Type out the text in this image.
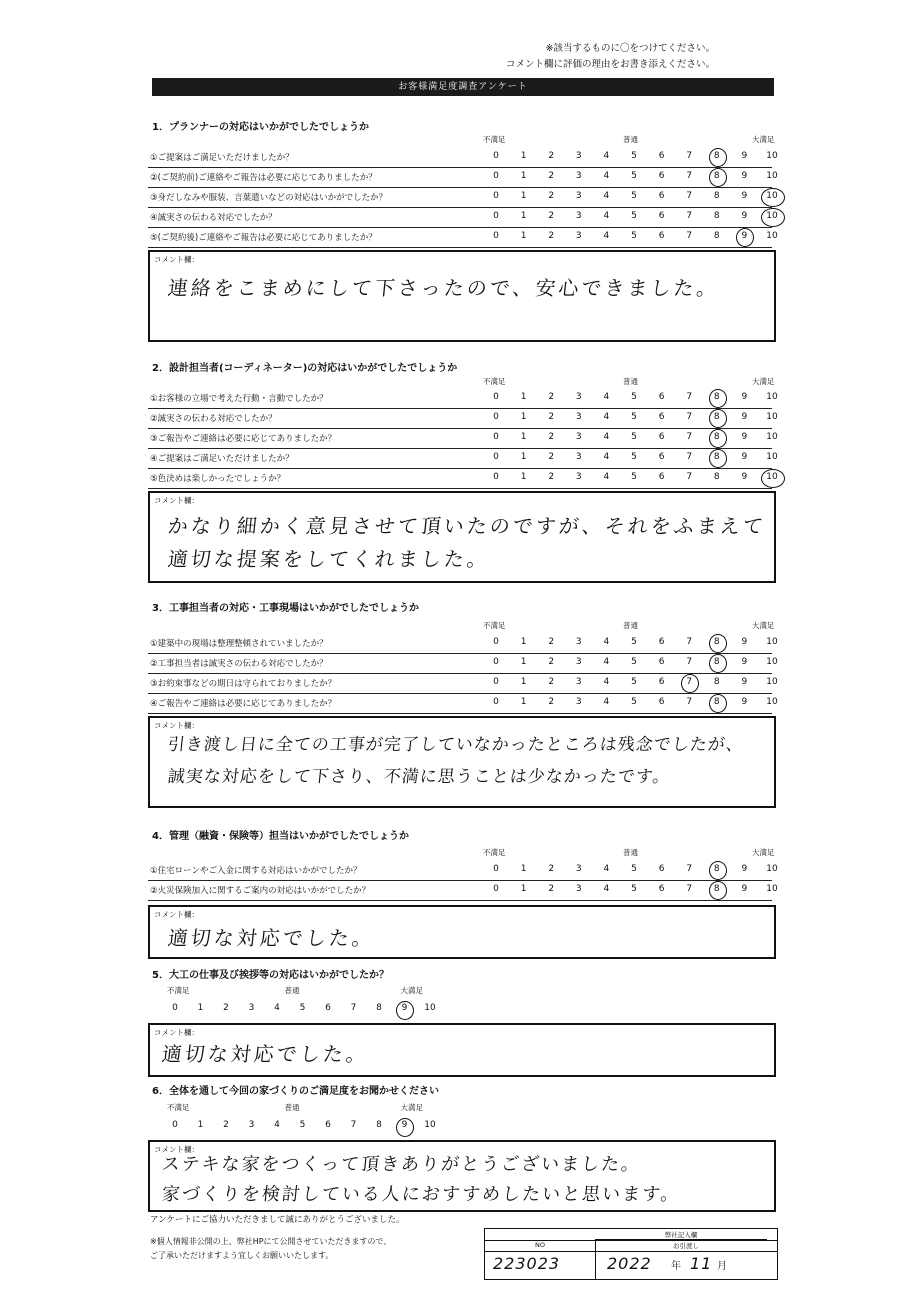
※該当するものに〇をつけてください。
コメント欄に評価の理由をお書き添えください。
お客様満足度調査アンケート
1．プランナーの対応はいかがでしたでしょうか
不満足	普通	大満足
①ご提案はご満足いただけましたか？	0	1	2	3	4	5	6	7	8	9	10
②(ご契約前)ご連絡やご報告は必要に応じてありましたか？	0	1	2	3	4	5	6	7	8	9	10
③身だしなみや服装、言葉遣いなどの対応はいかがでしたか？	0	1	2	3	4	5	6	7	8	9	10
④誠実さの伝わる対応でしたか？	0	1	2	3	4	5	6	7	8	9	10
⑤(ご契約後)ご連絡やご報告は必要に応じてありましたか？	0	1	2	3	4	5	6	7	8	9	10
コメント欄：
連絡をこまめにして下さったので、安心できました。
2．設計担当者(コーディネーター)の対応はいかがでしたでしょうか
不満足	普通	大満足
①お客様の立場で考えた行動・言動でしたか？	0	1	2	3	4	5	6	7	8	9	10
②誠実さの伝わる対応でしたか？	0	1	2	3	4	5	6	7	8	9	10
③ご報告やご連絡は必要に応じてありましたか？	0	1	2	3	4	5	6	7	8	9	10
④ご提案はご満足いただけましたか？	0	1	2	3	4	5	6	7	8	9	10
⑤色決めは楽しかったでしょうか？	0	1	2	3	4	5	6	7	8	9	10
コメント欄：
かなり細かく意見させて頂いたのですが、それをふまえて
適切な提案をしてくれました。
3．工事担当者の対応・工事現場はいかがでしたでしょうか
不満足	普通	大満足
①建築中の現場は整理整頓されていましたか？	0	1	2	3	4	5	6	7	8	9	10
②工事担当者は誠実さの伝わる対応でしたか？	0	1	2	3	4	5	6	7	8	9	10
③お約束事などの期日は守られておりましたか？	0	1	2	3	4	5	6	7	8	9	10
④ご報告やご連絡は必要に応じてありましたか？	0	1	2	3	4	5	6	7	8	9	10
コメント欄：
引き渡し日に全ての工事が完了していなかったところは残念でしたが、
誠実な対応をして下さり、不満に思うことは少なかったです。
4．管理（融資・保険等）担当はいかがでしたでしょうか
不満足	普通	大満足
①住宅ローンやご入金に関する対応はいかがでしたか？	0	1	2	3	4	5	6	7	8	9	10
②火災保険加入に関するご案内の対応はいかがでしたか？	0	1	2	3	4	5	6	7	8	9	10
コメント欄：
適切な対応でした。
5．大工の仕事及び挨拶等の対応はいかがでしたか？
不満足	普通	大満足
0	1	2	3	4	5	6	7	8	9	10
コメント欄：
適切な対応でした。
6．全体を通して今回の家づくりのご満足度をお聞かせください
不満足	普通	大満足
0	1	2	3	4	5	6	7	8	9	10
コメント欄：
ステキな家をつくって頂きありがとうございました。
家づくりを検討している人におすすめしたいと思います。
アンケートにご協力いただきまして誠にありがとうございました。
※個人情報非公開の上、弊社HPにて公開させていただきますので、
ご了承いただけますよう宜しくお願いいたします。
弊社記入欄
NO	お引渡し
223023	2022 年 11 月
